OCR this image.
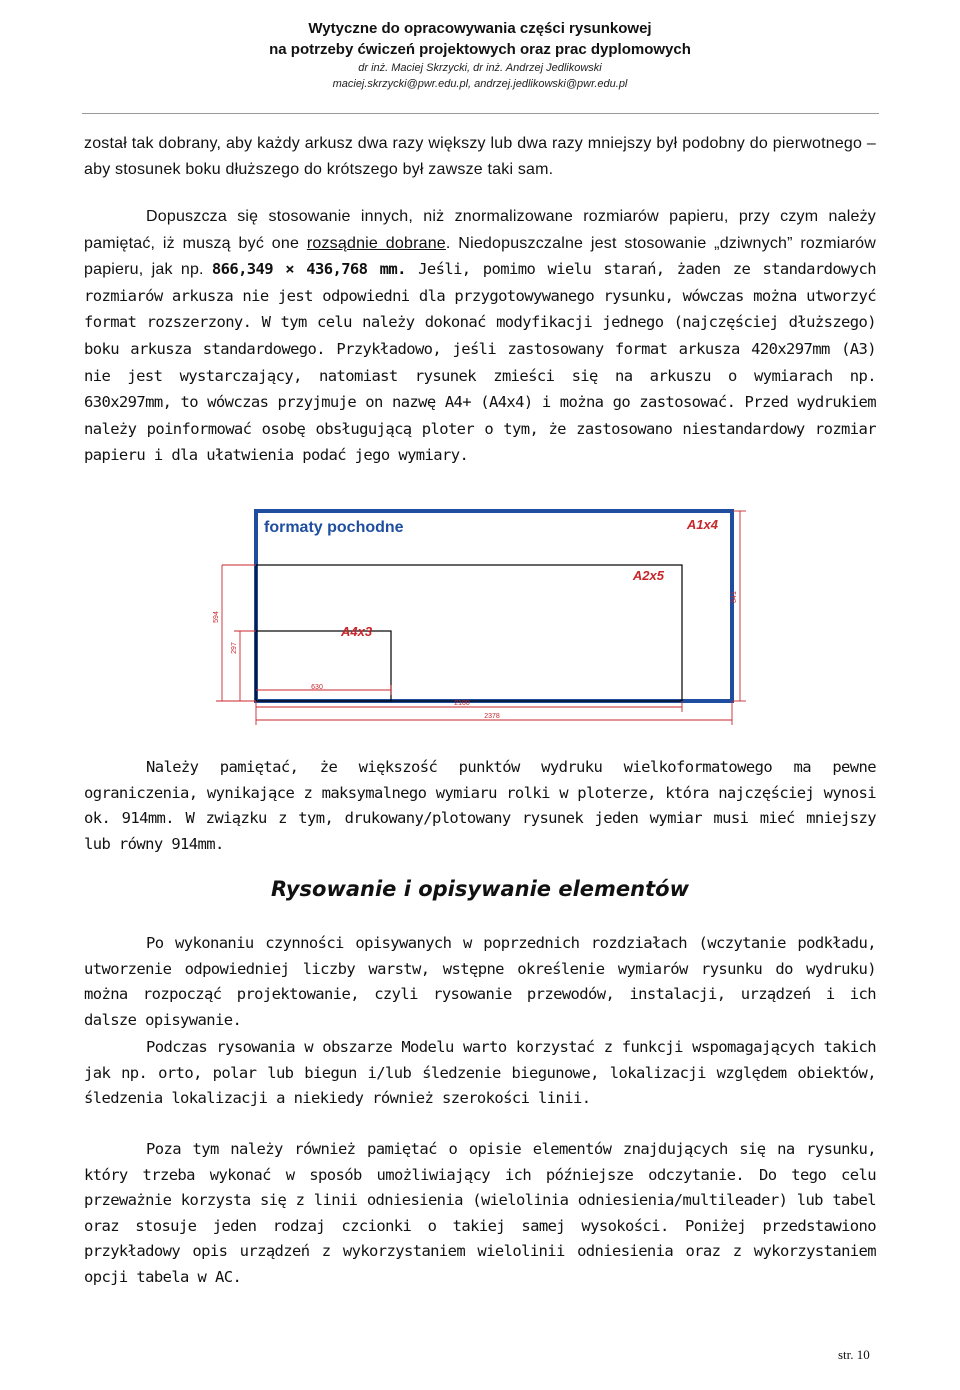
Wytyczne do opracowywania części rysunkowej
na potrzeby ćwiczeń projektowych oraz prac dyplomowych
dr inż. Maciej Skrzycki, dr inż. Andrzej Jedlikowski
maciej.skrzycki@pwr.edu.pl, andrzej.jedlikowski@pwr.edu.pl

został tak dobrany, aby każdy arkusz dwa razy większy lub dwa razy mniejszy był podobny do pierwotnego – aby stosunek boku dłuższego do krótszego był zawsze taki sam.

Dopuszcza się stosowanie innych, niż znormalizowane rozmiarów papieru, przy czym należy pamiętać, iż muszą być one rozsądnie dobrane. Niedopuszczalne jest stosowanie „dziwnych” rozmiarów papieru, jak np. 866,349 × 436,768 mm. Jeśli, pomimo wielu starań, żaden ze standardowych rozmiarów arkusza nie jest odpowiedni dla przygotowywanego rysunku, wówczas można utworzyć format rozszerzony. W tym celu należy dokonać modyfikacji jednego (najczęściej dłuższego) boku arkusza standardowego. Przykładowo, jeśli zastosowany format arkusza 420x297mm (A3) nie jest wystarczający, natomiast rysunek zmieści się na arkuszu o wymiarach np. 630x297mm, to wówczas przyjmuje on nazwę A4+ (A4x4) i można go zastosować. Przed wydrukiem należy poinformować osobę obsługującą ploter o tym, że zastosowano niestandardowy rozmiar papieru i dla ułatwienia podać jego wymiary.

formaty pochodne	A1x4
A2x5
A4x3
841
594
297
630
2100
2378

Należy pamiętać, że większość punktów wydruku wielkoformatowego ma pewne ograniczenia, wynikające z maksymalnego wymiaru rolki w ploterze, która najczęściej wynosi ok. 914mm. W związku z tym, drukowany/plotowany rysunek jeden wymiar musi mieć mniejszy lub równy 914mm.

Rysowanie i opisywanie elementów

Po wykonaniu czynności opisywanych w poprzednich rozdziałach (wczytanie podkładu, utworzenie odpowiedniej liczby warstw, wstępne określenie wymiarów rysunku do wydruku) można rozpocząć projektowanie, czyli rysowanie przewodów, instalacji, urządzeń i ich dalsze opisywanie.

Podczas rysowania w obszarze Modelu warto korzystać z funkcji wspomagających takich jak np. orto, polar lub biegun i/lub śledzenie biegunowe, lokalizacji względem obiektów, śledzenia lokalizacji a niekiedy również szerokości linii.

Poza tym należy również pamiętać o opisie elementów znajdujących się na rysunku, który trzeba wykonać w sposób umożliwiający ich późniejsze odczytanie. Do tego celu przeważnie korzysta się z linii odniesienia (wielolinia odniesienia/multileader) lub tabel oraz stosuje jeden rodzaj czcionki o takiej samej wysokości. Poniżej przedstawiono przykładowy opis urządzeń z wykorzystaniem wielolinii odniesienia oraz z wykorzystaniem opcji tabela w AC.

str. 10
